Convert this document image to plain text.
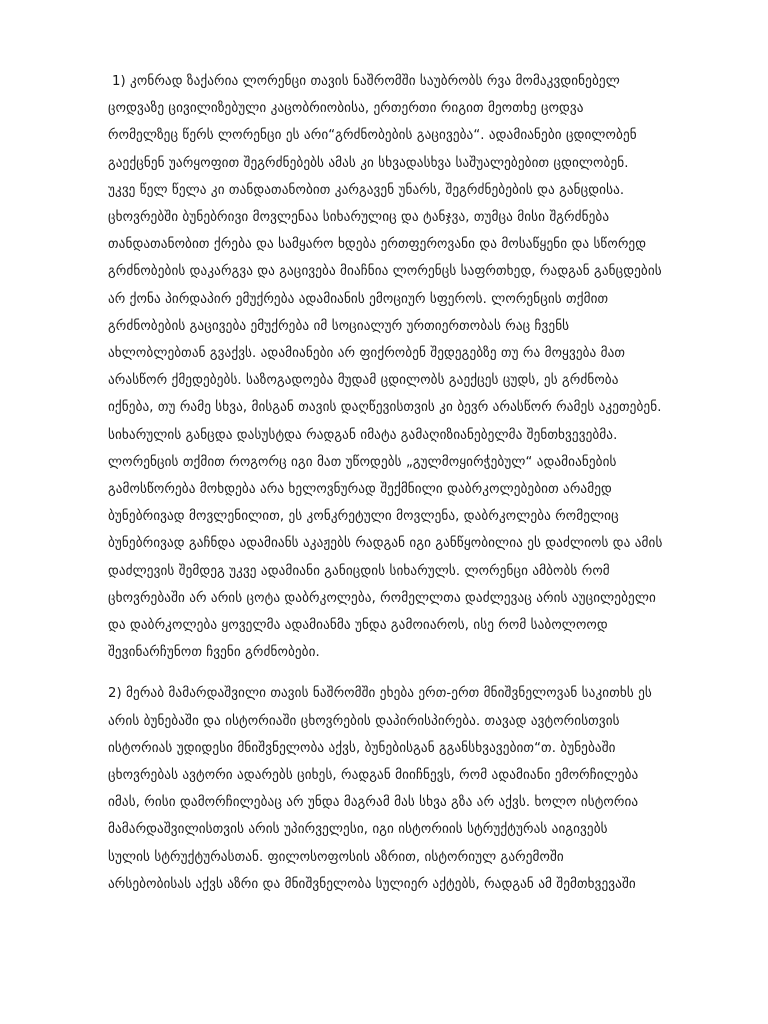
1) კონრად ზაქარია ლორენცი თავის ნაშრომში საუბრობს რვა მომაკვდინებელ
ცოდვაზე ცივილიზებული კაცობრიობისა, ერთერთი რიგით მეოთხე ცოდვა
რომელზეც წერს ლორენცი ეს არი“გრძნობების გაცივება“. ადამიანები ცდილობენ
გაექცნენ უარყოფით შეგრძნებებს ამას კი სხვადასხვა საშუალებებით ცდილობენ.
უკვე წელ წელა კი თანდათანობით კარგავენ უნარს, შეგრძნებების და განცდისა.
ცხოვრებში ბუნებრივი მოვლენაა სიხარულიც და ტანჯვა, თუმცა მისი შგრძნება
თანდათანობით ქრება და სამყარო ხდება ერთფეროვანი და მოსაწყენი და სწორედ
გრძნობების დაკარგვა და გაცივება მიაჩნია ლორენცს საფრთხედ, რადგან განცდების
არ ქონა პირდაპირ ემუქრება ადამიანის ემოციურ სფეროს. ლორენცის თქმით
გრძნობების გაცივება ემუქრება იმ სოციალურ ურთიერთობას რაც ჩვენს
ახლობლებთან გვაქვს. ადამიანები არ ფიქრობენ შედეგებზე თუ რა მოყვება მათ
არასწორ ქმედებებს. საზოგადოება მუდამ ცდილობს გაექცეს ცუდს, ეს გრძნობა
იქნება, თუ რამე სხვა, მისგან თავის დაღწევისთვის კი ბევრ არასწორ რამეს აკეთებენ.
სიხარულის განცდა დასუსტდა რადგან იმატა გამაღიზიანებელმა შენთხვევებმა.
ლორენცის თქმით როგორც იგი მათ უწოდებს „გულმოყირჭებულ“ ადამიანების
გამოსწორება მოხდება არა ხელოვნურად შექმნილი დაბრკოლებებით არამედ
ბუნებრივად მოვლენილით, ეს კონკრეტული მოვლენა, დაბრკოლება რომელიც
ბუნებრივად გაჩნდა ადამიანს აკაჟებს რადგან იგი განწყობილია ეს დაძლიოს და ამის
დაძლევის შემდეგ უკვე ადამიანი განიცდის სიხარულს. ლორენცი ამბობს რომ
ცხოვრებაში არ არის ცოტა დაბრკოლება, რომელლთა დაძლევაც არის აუცილებელი
და დაბრკოლება ყოველმა ადამიანმა უნდა გამოიაროს, ისე რომ საბოლოოდ
შევინარჩუნოთ ჩვენი გრძნობები.
2) მერაბ მამარდაშვილი თავის ნაშრომში ეხება ერთ-ერთ მნიშვნელოვან საკითხს ეს
არის ბუნებაში და ისტორიაში ცხოვრების დაპირისპირება. თავად ავტორისთვის
ისტორიას უდიდესი მნიშვნელობა აქვს, ბუნებისგან გგანსხვავებით“თ. ბუნებაში
ცხოვრებას ავტორი ადარებს ციხეს, რადგან მიიჩნევს, რომ ადამიანი ემორჩილება
იმას, რისი დამორჩილებაც არ უნდა მაგრამ მას სხვა გზა არ აქვს. ხოლო ისტორია
მამარდაშვილისთვის არის უპირველესი, იგი ისტორიის სტრუქტურას აიგივებს
სულის სტრუქტურასთან. ფილოსოფოსის აზრით, ისტორიულ გარემოში
არსებობისას აქვს აზრი და მნიშვნელობა სულიერ აქტებს, რადგან ამ შემთხვევაში
